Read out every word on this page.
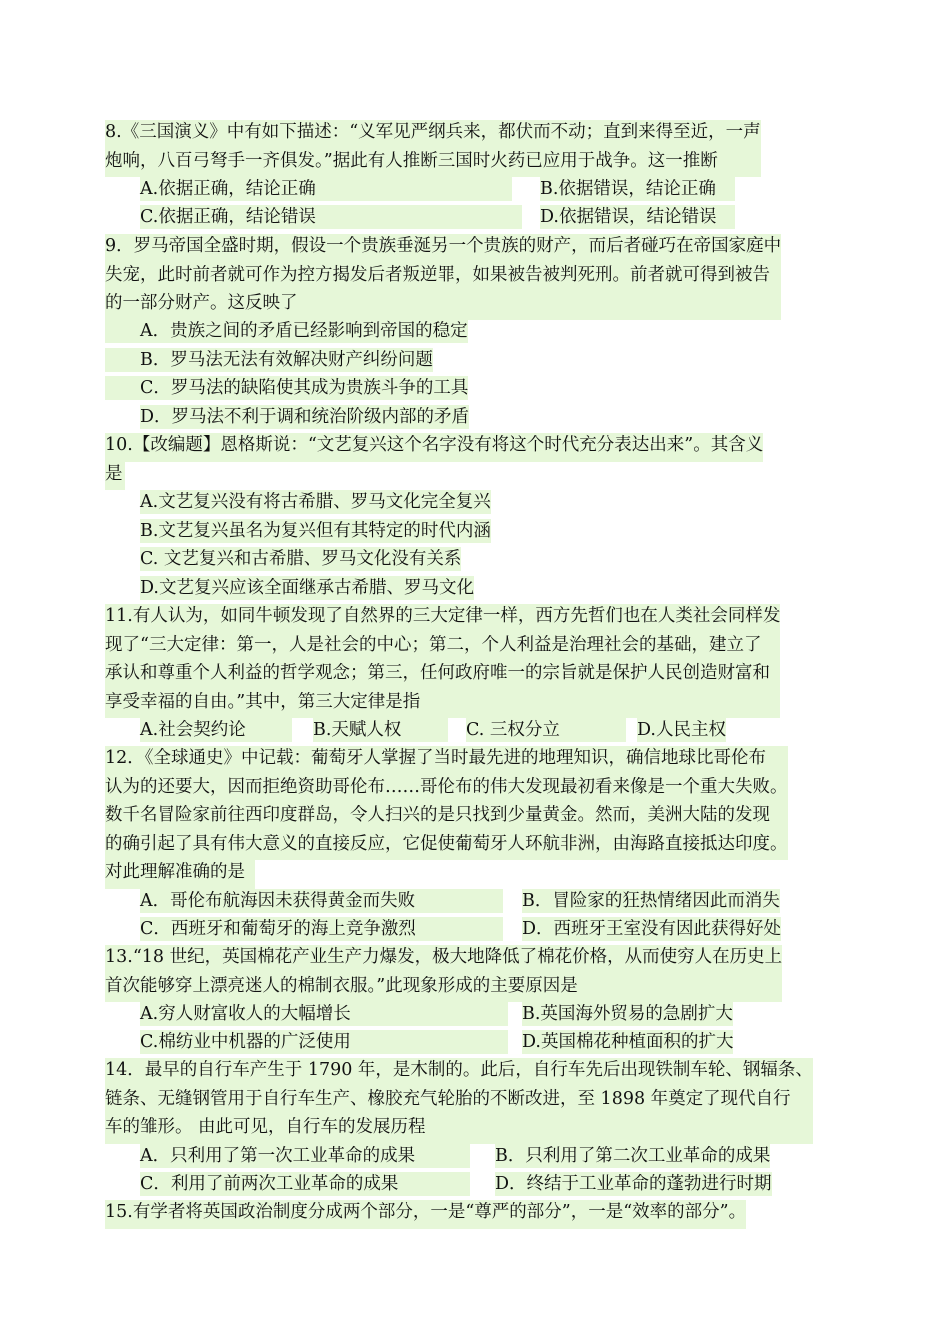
8.《三国演义》中有如下描述：“义军见严纲兵来，都伏而不动；直到来得至近，一声
炮响，八百弓弩手一齐俱发。”据此有人推断三国时火药已应用于战争。这一推断
A.依据正确，结论正确	B.依据错误，结论正确
C.依据正确，结论错误	D.依据错误，结论错误
9．罗马帝国全盛时期，假设一个贵族垂涎另一个贵族的财产，而后者碰巧在帝国家庭中
失宠，此时前者就可作为控方揭发后者叛逆罪，如果被告被判死刑。前者就可得到被告
的一部分财产。这反映了
A．贵族之间的矛盾已经影响到帝国的稳定
B．罗马法无法有效解决财产纠纷问题
C．罗马法的缺陷使其成为贵族斗争的工具
D．罗马法不利于调和统治阶级内部的矛盾
10.【改编题】恩格斯说：“文艺复兴这个名字没有将这个时代充分表达出来”。其含义
是
A.文艺复兴没有将古希腊、罗马文化完全复兴
B.文艺复兴虽名为复兴但有其特定的时代内涵
C. 文艺复兴和古希腊、罗马文化没有关系
D.文艺复兴应该全面继承古希腊、罗马文化
11.有人认为，如同牛顿发现了自然界的三大定律一样，西方先哲们也在人类社会同样发
现了“三大定律：第一，人是社会的中心；第二，个人利益是治理社会的基础，建立了
承认和尊重个人利益的哲学观念；第三，任何政府唯一的宗旨就是保护人民创造财富和
享受幸福的自由。”其中，第三大定律是指
A.社会契约论	B.天赋人权	C. 三权分立	D.人民主权
12．《全球通史》中记载：葡萄牙人掌握了当时最先进的地理知识，确信地球比哥伦布
认为的还要大，因而拒绝资助哥伦布……哥伦布的伟大发现最初看来像是一个重大失败。
数千名冒险家前往西印度群岛，令人扫兴的是只找到少量黄金。然而，美洲大陆的发现
的确引起了具有伟大意义的直接反应，它促使葡萄牙人环航非洲，由海路直接抵达印度。
对此理解准确的是
A．哥伦布航海因未获得黄金而失败	B．冒险家的狂热情绪因此而消失
C．西班牙和葡萄牙的海上竞争激烈	D．西班牙王室没有因此获得好处
13.“18 世纪，英国棉花产业生产力爆发，极大地降低了棉花价格，从而使穷人在历史上
首次能够穿上漂亮迷人的棉制衣服。”此现象形成的主要原因是
A.穷人财富收人的大幅增长	B.英国海外贸易的急剧扩大
C.棉纺业中机器的广泛使用	D.英国棉花种植面积的扩大
14．最早的自行车产生于 1790 年，是木制的。此后，自行车先后出现铁制车轮、钢辐条、
链条、无缝钢管用于自行车生产、橡胶充气轮胎的不断改进，至 1898 年奠定了现代自行
车的雏形。 由此可见，自行车的发展历程
A．只利用了第一次工业革命的成果	B．只利用了第二次工业革命的成果
C．利用了前两次工业革命的成果	D．终结于工业革命的蓬勃进行时期
15.有学者将英国政治制度分成两个部分，一是“尊严的部分”，一是“效率的部分”。
